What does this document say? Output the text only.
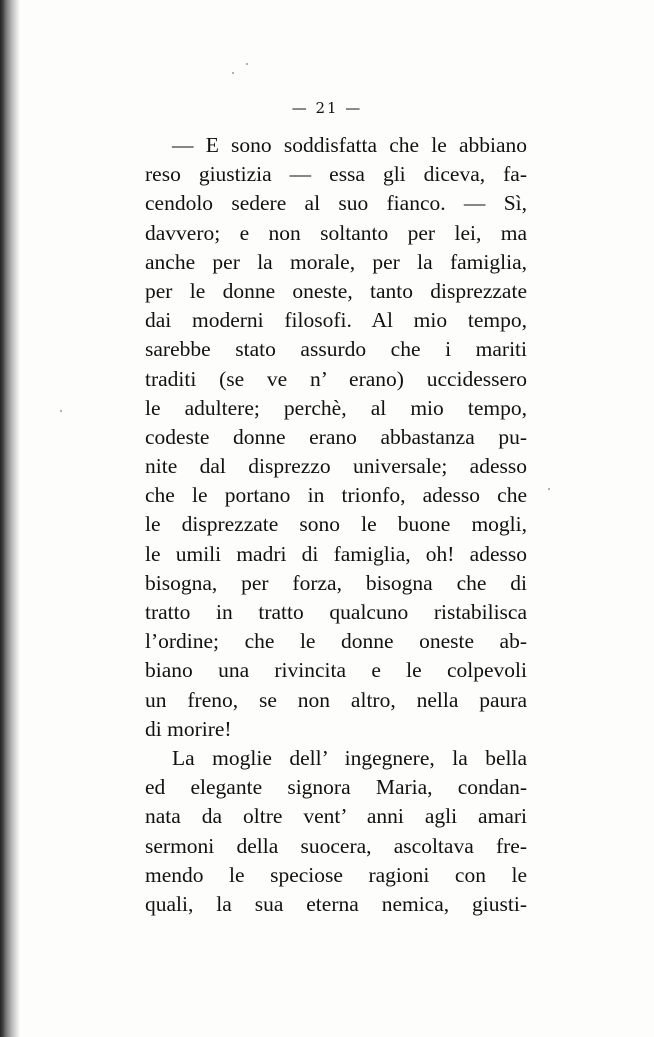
— 21 —
— E sono soddisfatta che le abbiano
reso giustizia — essa gli diceva, fa-
cendolo sedere al suo fianco. — Sì,
davvero; e non soltanto per lei, ma
anche per la morale, per la famiglia,
per le donne oneste, tanto disprezzate
dai moderni filosofi. Al mio tempo,
sarebbe stato assurdo che i mariti
traditi (se ve n’ erano) uccidessero
le adultere; perchè, al mio tempo,
codeste donne erano abbastanza pu-
nite dal disprezzo universale; adesso
che le portano in trionfo, adesso che
le disprezzate sono le buone mogli,
le umili madri di famiglia, oh! adesso
bisogna, per forza, bisogna che di
tratto in tratto qualcuno ristabilisca
l’ordine; che le donne oneste ab-
biano una rivincita e le colpevoli
un freno, se non altro, nella paura
di morire!
La moglie dell’ ingegnere, la bella
ed elegante signora Maria, condan-
nata da oltre vent’ anni agli amari
sermoni della suocera, ascoltava fre-
mendo le speciose ragioni con le
quali, la sua eterna nemica, giusti-
